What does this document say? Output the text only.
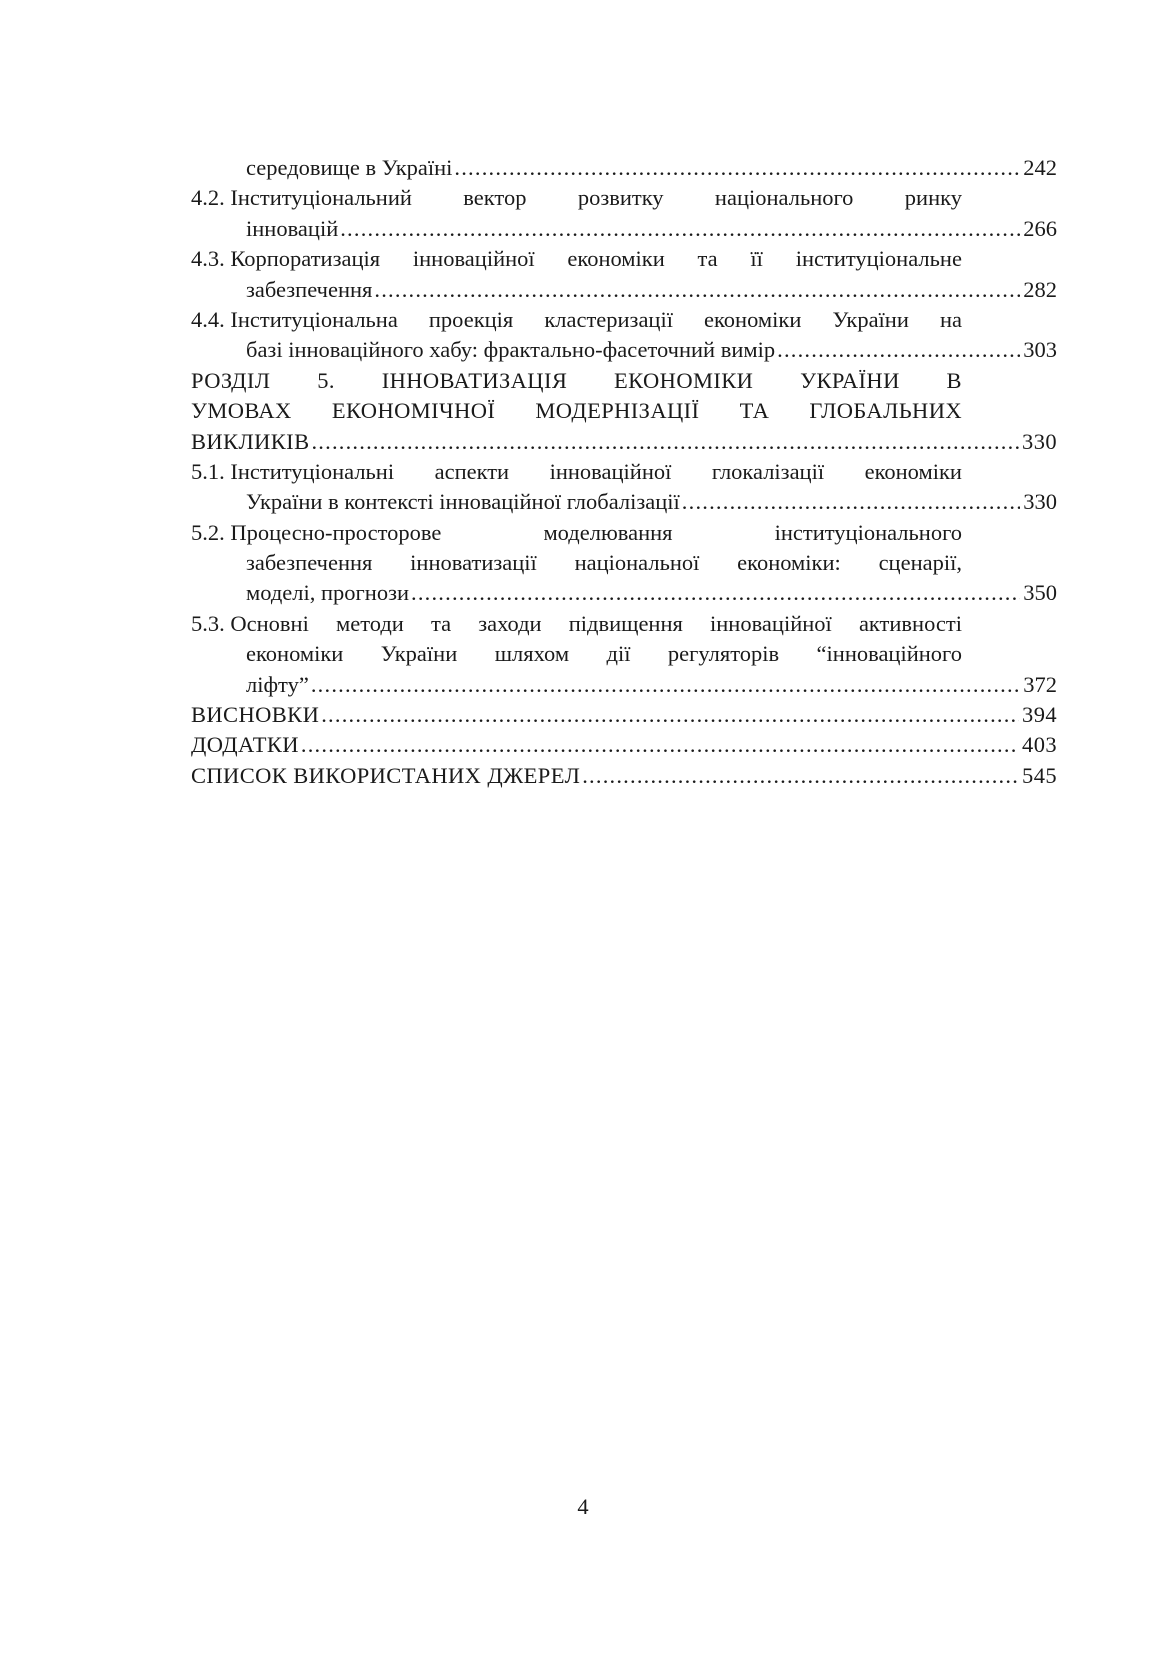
середовище в Україні .....	242
4.2. Інституціональний вектор розвитку національного ринку
інновацій .....	266
4.3. Корпоратизація інноваційної економіки та її інституціональне
забезпечення .....	282
4.4. Інституціональна проекція кластеризації економіки України на
базі інноваційного хабу: фрактально-фасеточний вимір .....	303
РОЗДІЛ 5. ІННОВАТИЗАЦІЯ ЕКОНОМІКИ УКРАЇНИ В
УМОВАХ ЕКОНОМІЧНОЇ МОДЕРНІЗАЦІЇ ТА ГЛОБАЛЬНИХ
ВИКЛИКІВ .....	330
5.1. Інституціональні аспекти інноваційної глокалізації економіки
України в контексті інноваційної глобалізації .....	330
5.2. Процесно-просторове	моделювання	інституціонального
забезпечення інноватизації національної економіки: сценарії,
моделі, прогнози .....	350
5.3. Основні методи та заходи підвищення інноваційної активності
економіки України шляхом дії регуляторів “інноваційного
ліфту” .....	372
ВИСНОВКИ .....	394
ДОДАТКИ .....	403
СПИСОК ВИКОРИСТАНИХ ДЖЕРЕЛ .....	545
4
